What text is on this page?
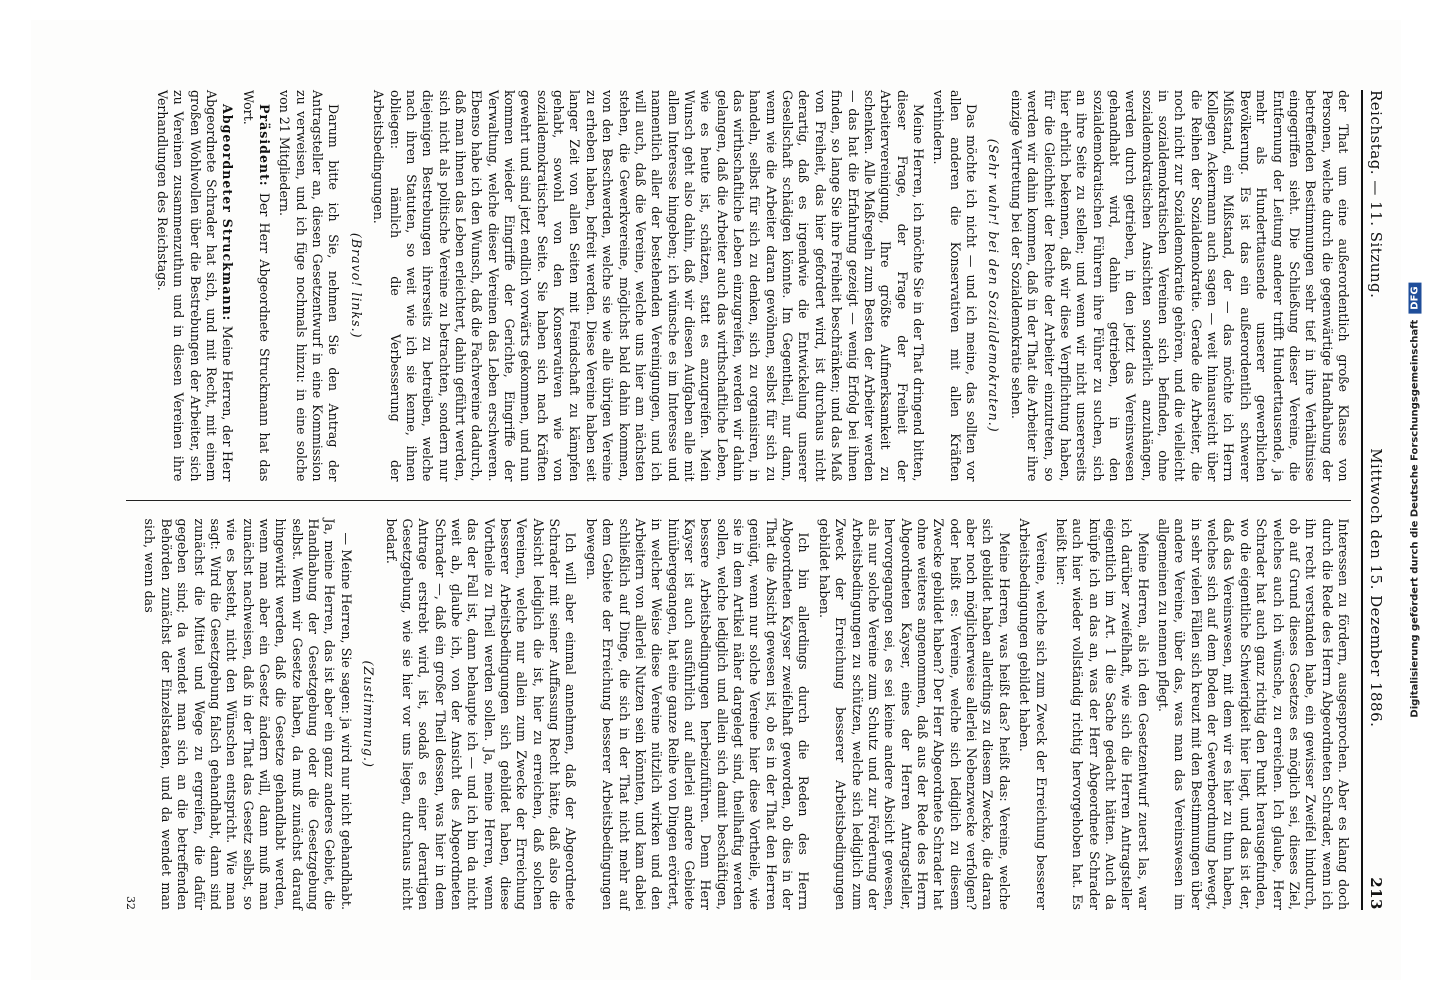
Reichstag. — 11. Sitzung.
Mittwoch den 15. Dezember 1886.
213

der That um eine außerordentlich große Klasse von Personen, welche durch die gegenwärtige Handhabung der betreffenden Bestimmungen sehr tief in ihre Verhältnisse eingegriffen sieht. Die Schließung dieser Vereine, die Entfernung der Leitung anderer trifft Hunderttausende, ja mehr als Hunderttausende unserer gewerblichen Bevölkerung. Es ist das ein außerordentlich schwerer Mißstand, ein Mißstand, der — das möchte ich Herrn Kollegen Ackermann auch sagen — weit hinausreicht über die Reihen der Sozialdemokratie. Gerade die Arbeiter, die noch nicht zur Sozialdemokratie gehören, und die vielleicht in sozialdemokratischen Vereinen sich befinden, ohne sozialdemokratischen Ansichten sonderlich anzuhängen, werden durch getrieben, in den jetzt das Vereinswesen gehandhabt wird, dahin getrieben, in den sozialdemokratischen Führern ihre Führer zu suchen, sich an ihre Seite zu stellen; und wenn wir nicht unsererseits hier ehrlich bekennen, daß wir diese Verpflichtung haben, für die Gleichheit der Rechte der Arbeiter einzutreten, so werden wir dahin kommen, daß in der That die Arbeiter ihre einzige Vertretung bei der Sozialdemokratie sehen.

(Sehr wahr! bei den Sozialdemokraten.)

Das möchte ich nicht — und ich meine, das sollten vor allen anderen die Konservativen mit allen Kräften verhindern.

Meine Herren, ich möchte Sie in der That dringend bitten, dieser Frage, der Frage der Freiheit der Arbeitervereinigung, Ihre größte Aufmerksamkeit zu schenken. Alle Maßregeln zum Besten der Arbeiter werden — das hat die Erfahrung gezeigt — wenig Erfolg bei ihnen finden, so lange Sie ihre Freiheit beschränken; und das Maß von Freiheit, das hier gefordert wird, ist durchaus nicht derartig, daß es irgendwie die Entwickelung unserer Gesellschaft schädigen könnte. Im Gegentheil, nur dann, wenn wie die Arbeiter daran gewöhnen, selbst für sich zu handeln, selbst für sich zu denken, sich zu organisiren, in das wirthschaftliche Leben einzugreifen, werden wir dahin gelangen, daß die Arbeiter auch das wirthschaftliche Leben, wie es heute ist, schätzen, statt es anzugreifen. Mein Wunsch geht also dahin, daß wir diesen Aufgaben alle mit allem Interesse hingeben; ich wünsche es im Interesse und namentlich aller der bestehenden Vereinigungen, und ich will auch, daß die Vereine, welche uns hier am nächsten stehen, die Gewerkvereine, möglichst bald dahin kommen, von den Beschwerden, welche sie wie alle übrigen Vereine zu erheben haben, befreit werden. Diese Vereine haben seit langer Zeit von allen Seiten mit Feindschaft zu kämpfen gehabt, sowohl von den Konservativen wie von sozialdemokratischer Seite. Sie haben sich nach Kräften gewehrt und sind jetzt endlich vorwärts gekommen, und nun kommen wieder Eingriffe der Gerichte, Eingriffe der Verwaltung, welche dieser Vereinen das Leben erschweren. Ebenso habe ich den Wunsch, daß die Fachvereine dadurch, daß man ihnen das Leben erleichtert, dahin geführt werden, sich nicht als politische Vereine zu betrachten, sondern nur diejenigen Bestrebungen ihrerseits zu betreiben, welche nach ihren Statuten, so weit wie ich sie kenne, ihnen obliegen: nämlich die Verbesserung der Arbeitsbedingungen.

(Bravo! links.)

Darum bitte ich Sie, nehmen Sie den Antrag der Antragsteller an, diesen Gesetzentwurf in eine Kommission zu verweisen, und ich füge nochmals hinzu: in eine solche von 21 Mitgliedern.

Präsident: Der Herr Abgeordnete Struckmann hat das Wort.

Abgeordneter Struckmann: Meine Herren, der Herr Abgeordnete Schrader hat sich, und mit Recht, mit einem großen Wohlwollen über die Bestrebungen der Arbeiter, sich zu Vereinen zusammenzuthun und in diesen Vereinen ihre Verhandlungen des Reichstags.

Interessen zu fördern, ausgesprochen. Aber es klang doch durch die Rede des Herrn Abgeordneten Schrader, wenn ich ihn recht verstanden habe, ein gewisser Zweifel hindurch, ob auf Grund dieses Gesetzes es möglich sei, dieses Ziel, welches auch ich wünsche, zu erreichen. Ich glaube, Herr Schrader hat auch ganz richtig den Punkt herausgefunden, wo die eigentliche Schwierigkeit hier liegt, und das ist der, daß das Vereinswesen, mit dem wir es hier zu thun haben, welches sich auf dem Boden der Gewerbeordnung bewegt, in sehr vielen Fällen sich kreuzt mit den Bestimmungen über andere Vereine, über das, was man das Vereinswesen im allgemeinen zu nennen pflegt.

Meine Herren, als ich den Gesetzentwurf zuerst las, war ich darüber zweifelhaft, wie sich die Herren Antragsteller eigentlich im Art. 1 die Sache gedacht hätten. Auch da knüpfe ich an das an, was der Herr Abgeordnete Schrader auch hier wieder vollständig richtig hervorgehoben hat. Es heißt hier:

Vereine, welche sich zum Zweck der Erreichung besserer Arbeitsbedingungen gebildet haben.

Meine Herren, was heißt das? heißt das: Vereine, welche sich gebildet haben allerdings zu diesem Zwecke, die daran aber noch möglicherweise allerlei Nebenzwecke verfolgen? oder heißt es: Vereine, welche sich lediglich zu diesem Zwecke gebildet haben? Der Herr Abgeordnete Schrader hat ohne weiteres angenommen, daß aus der Rede des Herrn Abgeordneten Kayser, eines der Herren Antragsteller, hervorgegangen sei, es sei keine andere Absicht gewesen, als nur solche Vereine zum Schutz und zur Förderung der Arbeitsbedingungen zu schützen, welche sich lediglich zum Zweck der Erreichung besserer Arbeitsbedingungen gebildet haben.

Ich bin allerdings durch die Reden des Herrn Abgeordneten Kayser zweifelhaft geworden, ob dies in der That die Absicht gewesen ist, ob es in der That den Herren genügt, wenn nur solche Vereine hier diese Vortheile, wie sie in dem Artikel näher dargelegt sind, theilhaftig werden sollen, welche lediglich und allein sich damit beschäftigen, bessere Arbeitsbedingungen herbeizuführen. Denn Herr Kayser ist auch ausführlich auf allerlei andere Gebiete hinübergegangen, hat eine ganze Reihe von Dingen erörtert, in welcher Weise diese Vereine nützlich wirken und den Arbeitern von allerlei Nutzen sein könnten, und kam dabei schließlich auf Dinge, die sich in der That nicht mehr auf dem Gebiete der Erreichung besserer Arbeitsbedingungen bewegen.

Ich will aber einmal annehmen, daß der Abgeordnete Schrader mit seiner Auffassung Recht hätte, daß also die Absicht lediglich die ist, hier zu erreichen, daß solchen Vereinen, welche nur allein zum Zwecke der Erreichung besserer Arbeitsbedingungen sich gebildet haben, diese Vortheile zu Theil werden sollen. Ja, meine Herren, wenn das der Fall ist, dann behaupte ich — und ich bin da nicht weit ab, glaube ich, von der Ansicht des Abgeordneten Schrader —, daß ein großer Theil dessen, was hier in dem Antrage erstrebt wird, ist, sodaß es einer derartigen Gesetzgebung, wie sie hier vor uns liegen, durchaus nicht bedarf.

(Zustimmung.)

— Meine Herren, Sie sagen: ja wird nur nicht gehandhabt. Ja, meine Herren, das ist aber ein ganz anderes Gebiet, die Handhabung der Gesetzgebung oder die Gesetzgebung selbst. Wenn wir Gesetze haben, da muß zunächst darauf hingewirkt werden, daß die Gesetze gehandhabt werden, wenn man aber ein Gesetz ändern will, dann muß man zunächst nachweisen, daß in der That das Gesetz selbst, so wie es besteht, nicht den Wünschen entspricht. Wie man sagt: Wird die Gesetzgebung falsch gehandhabt, dann sind zunächst die Mittel und Wege zu ergreifen, die dafür gegeben sind; da wendet man sich an die betreffenden Behörden zunächst der Einzelstaaten, und da wendet man sich, wenn das

32
Digitalisierung gefördert durch die Deutsche Forschungsgemeinschaft
DFG
